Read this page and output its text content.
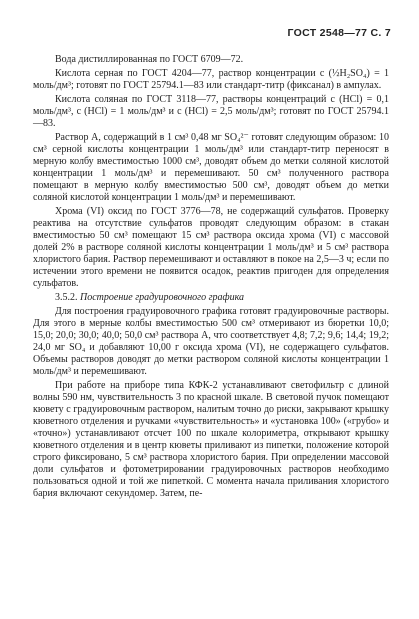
ГОСТ 2548—77 С. 7

Вода дистиллированная по ГОСТ 6709—72.

Кислота серная по ГОСТ 4204—77, раствор концентрации c (½H₂SO₄) = 1 моль/дм³; готовят по ГОСТ 25794.1—83 или стандарт-титр (фиксанал) в ампулах.

Кислота соляная по ГОСТ 3118—77, растворы концентраций c (HCl) = 0,1 моль/дм³, c (HCl) = 1 моль/дм³ и c (HCl) = 2,5 моль/дм³; готовят по ГОСТ 25794.1—83.

Раствор А, содержащий в 1 см³ 0,48 мг SO₄²⁻ готовят следующим образом: 10 см³ серной кислоты концентрации 1 моль/дм³ или стандарт-титр переносят в мерную колбу вместимостью 1000 см³, доводят объем до метки соляной кислотой концентрации 1 моль/дм³ и перемешивают. 50 см³ полученного раствора помещают в мерную колбу вместимостью 500 см³, доводят объем до метки соляной кислотой концентрации 1 моль/дм³ и перемешивают.

Хрома (VI) оксид по ГОСТ 3776—78, не содержащий сульфатов. Проверку реактива на отсутствие сульфатов проводят следующим образом: в стакан вместимостью 50 см³ помещают 15 см³ раствора оксида хрома (VI) с массовой долей 2% в растворе соляной кислоты концентрации 1 моль/дм³ и 5 см³ раствора хлористого бария. Раствор перемешивают и оставляют в покое на 2,5—3 ч; если по истечении этого времени не появится осадок, реактив пригоден для определения сульфатов.

3.5.2. Построение градуировочного графика

Для построения градуировочного графика готовят градуировочные растворы. Для этого в мерные колбы вместимостью 500 см³ отмеривают из бюретки 10,0; 15,0; 20,0; 30,0; 40,0; 50,0 см³ раствора А, что соответствует 4,8; 7,2; 9,6; 14,4; 19,2; 24,0 мг SO₄ и добавляют 10,00 г оксида хрома (VI), не содержащего сульфатов. Объемы растворов доводят до метки раствором соляной кислоты концентрации 1 моль/дм³ и перемешивают.

При работе на приборе типа КФК-2 устанавливают светофильтр с длиной волны 590 нм, чувствительность 3 по красной шкале. В световой пучок помещают кювету с градуировочным раствором, налитым точно до риски, закрывают крышку кюветного отделения и ручками «чувствительность» и «установка 100» («грубо» и «точно») устанавливают отсчет 100 по шкале колориметра, открывают крышку кюветного отделения и в центр кюветы приливают из пипетки, положение которой строго фиксировано, 5 см³ раствора хлористого бария. При определении массовой доли сульфатов и фотометрировании градуировочных растворов необходимо пользоваться одной и той же пипеткой. С момента начала приливания хлористого бария включают секундомер. Затем, пе-
